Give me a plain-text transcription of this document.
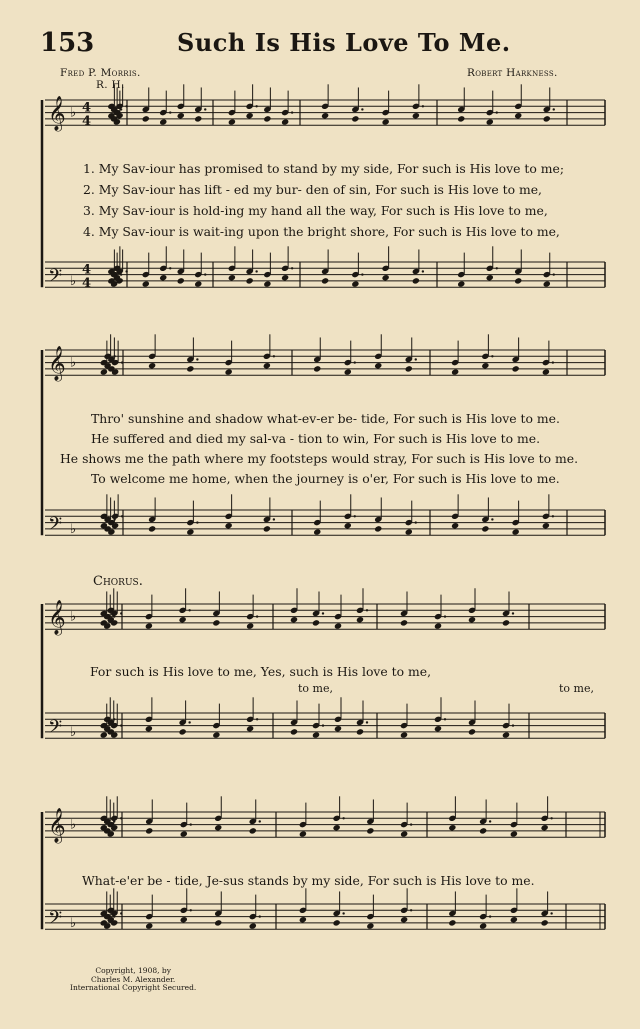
153	Such Is His Love To Me.
Fred P. Morris.
R. H.
Robert Harkness.
𝄞 ♭ 4
4
𝄢 ♭
4
4
𝄞 ♭
𝄢 ♭
𝄞 ♭
𝄢 ♭
𝄞 ♭
𝄢 ♭
1. My Sav-iour has promised to stand by my side, For such is His love to me;
2. My Sav-iour has lift - ed my bur- den of sin, For such is His love to me,
3. My Sav-iour is hold-ing my hand all the way, For such is His love to me,
4. My Sav-iour is wait-ing upon the bright shore, For such is His love to me,
Thro' sunshine and shadow what-ev-er be- tide, For such is His love to me.
He suffered and died my sal-va - tion to win, For such is His love to me.
He shows me the path where my footsteps would stray, For such is His love to me.
To welcome me home, when the journey is o'er, For such is His love to me.
Chorus.
For such is His love to me, Yes, such is His love to me,
to me,	to me,
What-e'er be - tide, Je-sus stands by my side, For such is His love to me.
Copyright, 1908, by
Charles M. Alexander.
International Copyright Secured.
